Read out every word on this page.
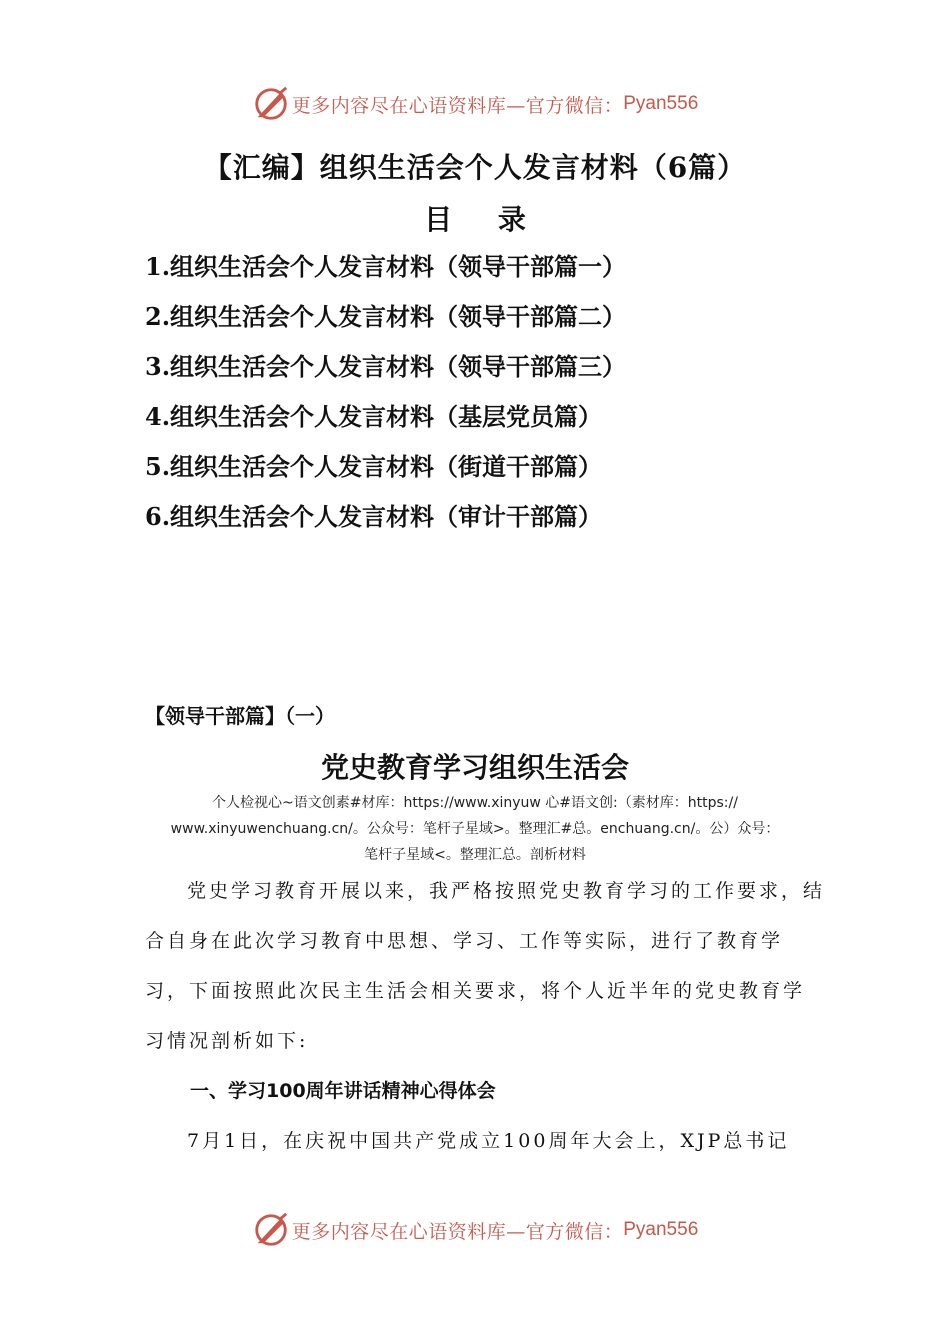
更多内容尽在心语资料库—官方微信： Pyan556
【汇编】组织生活会个人发言材料（6篇）
目 录
1.组织生活会个人发言材料（领导干部篇一）
2.组织生活会个人发言材料（领导干部篇二）
3.组织生活会个人发言材料（领导干部篇三）
4.组织生活会个人发言材料（基层党员篇）
5.组织生活会个人发言材料（街道干部篇）
6.组织生活会个人发言材料（审计干部篇）
【领导干部篇】（一）
党史教育学习组织生活会
个人检视心~语文创素#材库：https://www.xinyuw 心#语文创:（素材库：https://
www.xinyuwenchuang.cn/。公众号：笔杆子星域>。整理汇#总。enchuang.cn/。公）众号：
笔杆子星域<。整理汇总。剖析材料

党史学习教育开展以来，我严格按照党史教育学习的工作要求，结合自身在此次学习教育中思想、学习、工作等实际，进行了教育学习，下面按照此次民主生活会相关要求，将个人近半年的党史教育学习情况剖析如下:

一、学习100周年讲话精神心得体会

7月1日，在庆祝中国共产党成立100周年大会上，XJP总书记

更多内容尽在心语资料库—官方微信： Pyan556
